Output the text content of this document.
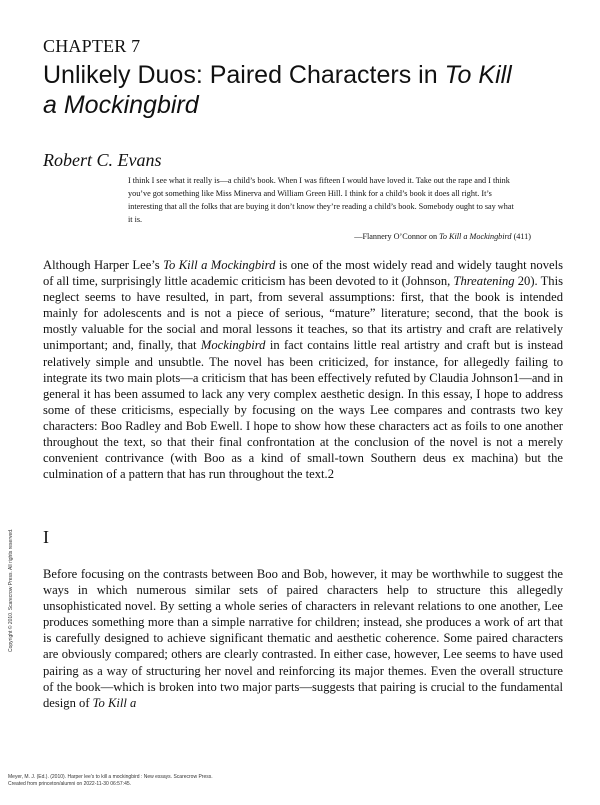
CHAPTER 7
Unlikely Duos: Paired Characters in To Kill
a Mockingbird
Robert C. Evans
I think I see what it really is—a child’s book. When I was fifteen I would have loved it. Take out the rape and I think you’ve got something like Miss Minerva and William Green Hill. I think for a child’s book it does all right. It’s interesting that all the folks that are buying it don’t know they’re reading a child’s book. Somebody ought to say what it is.
—Flannery O’Connor on To Kill a Mockingbird (411)

Although Harper Lee’s To Kill a Mockingbird is one of the most widely read and widely taught novels of all time, surprisingly little academic criticism has been devoted to it (Johnson, Threatening 20). This neglect seems to have resulted, in part, from several assumptions: first, that the book is intended mainly for adolescents and is not a piece of serious, “mature” literature; second, that the book is mostly valuable for the social and moral lessons it teaches, so that its artistry and craft are relatively unimportant; and, finally, that Mockingbird in fact contains little real artistry and craft but is instead relatively simple and unsubtle. The novel has been criticized, for instance, for allegedly failing to integrate its two main plots—a criticism that has been effectively refuted by Claudia Johnson1—and in general it has been assumed to lack any very complex aesthetic design. In this essay, I hope to address some of these criticisms, especially by focusing on the ways Lee compares and contrasts two key characters: Boo Radley and Bob Ewell. I hope to show how these characters act as foils to one another throughout the text, so that their final confrontation at the conclusion of the novel is not a merely convenient contrivance (with Boo as a kind of small-town Southern deus ex machina) but the culmination of a pattern that has run throughout the text.2

I

Before focusing on the contrasts between Boo and Bob, however, it may be worthwhile to suggest the ways in which numerous similar sets of paired characters help to structure this allegedly unsophisticated novel. By setting a whole series of characters in relevant relations to one another, Lee produces something more than a simple narrative for children; instead, she produces a work of art that is carefully designed to achieve significant thematic and aesthetic coherence. Some paired characters are obviously compared; others are clearly contrasted. In either case, however, Lee seems to have used pairing as a way of structuring her novel and reinforcing its major themes. Even the overall structure of the book—which is broken into two major parts—suggests that pairing is crucial to the fundamental design of To Kill a

Copyright © 2010. Scarecrow Press. All rights reserved.
Meyer, M. J. (Ed.). (2010). Harper lee's to kill a mockingbird : New essays. Scarecrow Press.
Created from princeton/alumni on 2022-11-30 06:57:45.
